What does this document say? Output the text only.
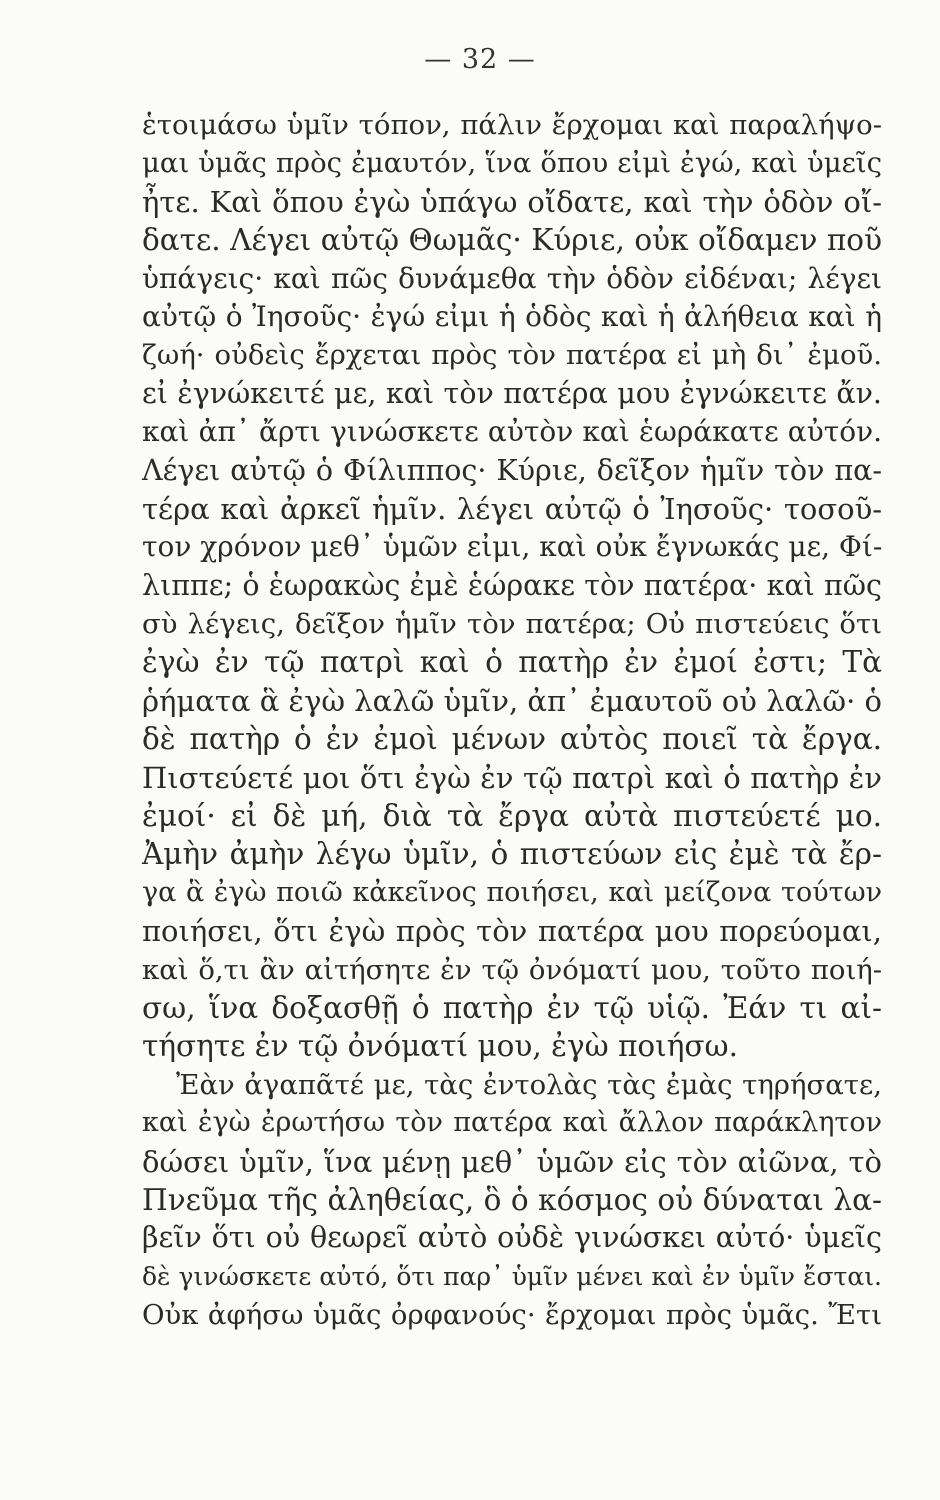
— 32 —
ἑτοιμάσω ὑμῖν τόπον, πάλιν ἔρχομαι καὶ παραλήψο-
μαι ὑμᾶς πρὸς ἐμαυτόν, ἵνα ὅπου εἰμὶ ἐγώ, καὶ ὑμεῖς
ἦτε. Καὶ ὅπου ἐγὼ ὑπάγω οἴδατε, καὶ τὴν ὁδὸν οἴ-
δατε. Λέγει αὐτῷ Θωμᾶς· Κύριε, οὐκ οἴδαμεν ποῦ
ὑπάγεις· καὶ πῶς δυνάμεθα τὴν ὁδὸν εἰδέναι; λέγει
αὐτῷ ὁ Ἰησοῦς· ἐγώ εἰμι ἡ ὁδὸς καὶ ἡ ἀλήθεια καὶ ἡ
ζωή· οὐδεὶς ἔρχεται πρὸς τὸν πατέρα εἰ μὴ δι᾽ ἐμοῦ.
εἰ ἐγνώκειτέ με, καὶ τὸν πατέρα μου ἐγνώκειτε ἄν.
καὶ ἀπ᾽ ἄρτι γινώσκετε αὐτὸν καὶ ἑωράκατε αὐτόν.
Λέγει αὐτῷ ὁ Φίλιππος· Κύριε, δεῖξον ἡμῖν τὸν πα-
τέρα καὶ ἀρκεῖ ἡμῖν. λέγει αὐτῷ ὁ Ἰησοῦς· τοσοῦ-
τον χρόνον μεθ᾽ ὑμῶν εἰμι, καὶ οὐκ ἔγνωκάς με, Φί-
λιππε; ὁ ἑωρακὼς ἐμὲ ἑώρακε τὸν πατέρα· καὶ πῶς
σὺ λέγεις, δεῖξον ἡμῖν τὸν πατέρα; Οὐ πιστεύεις ὅτι
ἐγὼ ἐν τῷ πατρὶ καὶ ὁ πατὴρ ἐν ἐμοί ἐστι; Τὰ
ῥήματα ἃ ἐγὼ λαλῶ ὑμῖν, ἀπ᾽ ἐμαυτοῦ οὐ λαλῶ· ὁ
δὲ πατὴρ ὁ ἐν ἐμοὶ μένων αὐτὸς ποιεῖ τὰ ἔργα.
Πιστεύετέ μοι ὅτι ἐγὼ ἐν τῷ πατρὶ καὶ ὁ πατὴρ ἐν
ἐμοί· εἰ δὲ μή, διὰ τὰ ἔργα αὐτὰ πιστεύετέ μο.
Ἀμὴν ἀμὴν λέγω ὑμῖν, ὁ πιστεύων εἰς ἐμὲ τὰ ἔρ-
γα ἃ ἐγὼ ποιῶ κἀκεῖνος ποιήσει, καὶ μείζονα τούτων
ποιήσει, ὅτι ἐγὼ πρὸς τὸν πατέρα μου πορεύομαι,
καὶ ὅ,τι ἂν αἰτήσητε ἐν τῷ ὀνόματί μου, τοῦτο ποιή-
σω, ἵνα δοξασθῇ ὁ πατὴρ ἐν τῷ υἱῷ. Ἐάν τι αἰ-
τήσητε ἐν τῷ ὀνόματί μου, ἐγὼ ποιήσω.
Ἐὰν ἀγαπᾶτέ με, τὰς ἐντολὰς τὰς ἐμὰς τηρήσατε,
καὶ ἐγὼ ἐρωτήσω τὸν πατέρα καὶ ἄλλον παράκλητον
δώσει ὑμῖν, ἵνα μένῃ μεθ᾽ ὑμῶν εἰς τὸν αἰῶνα, τὸ
Πνεῦμα τῆς ἀληθείας, ὃ ὁ κόσμος οὐ δύναται λα-
βεῖν ὅτι οὐ θεωρεῖ αὐτὸ οὐδὲ γινώσκει αὐτό· ὑμεῖς
δὲ γινώσκετε αὐτό, ὅτι παρ᾽ ὑμῖν μένει καὶ ἐν ὑμῖν ἔσται.
Οὐκ ἀφήσω ὑμᾶς ὀρφανούς· ἔρχομαι πρὸς ὑμᾶς. Ἔτι
